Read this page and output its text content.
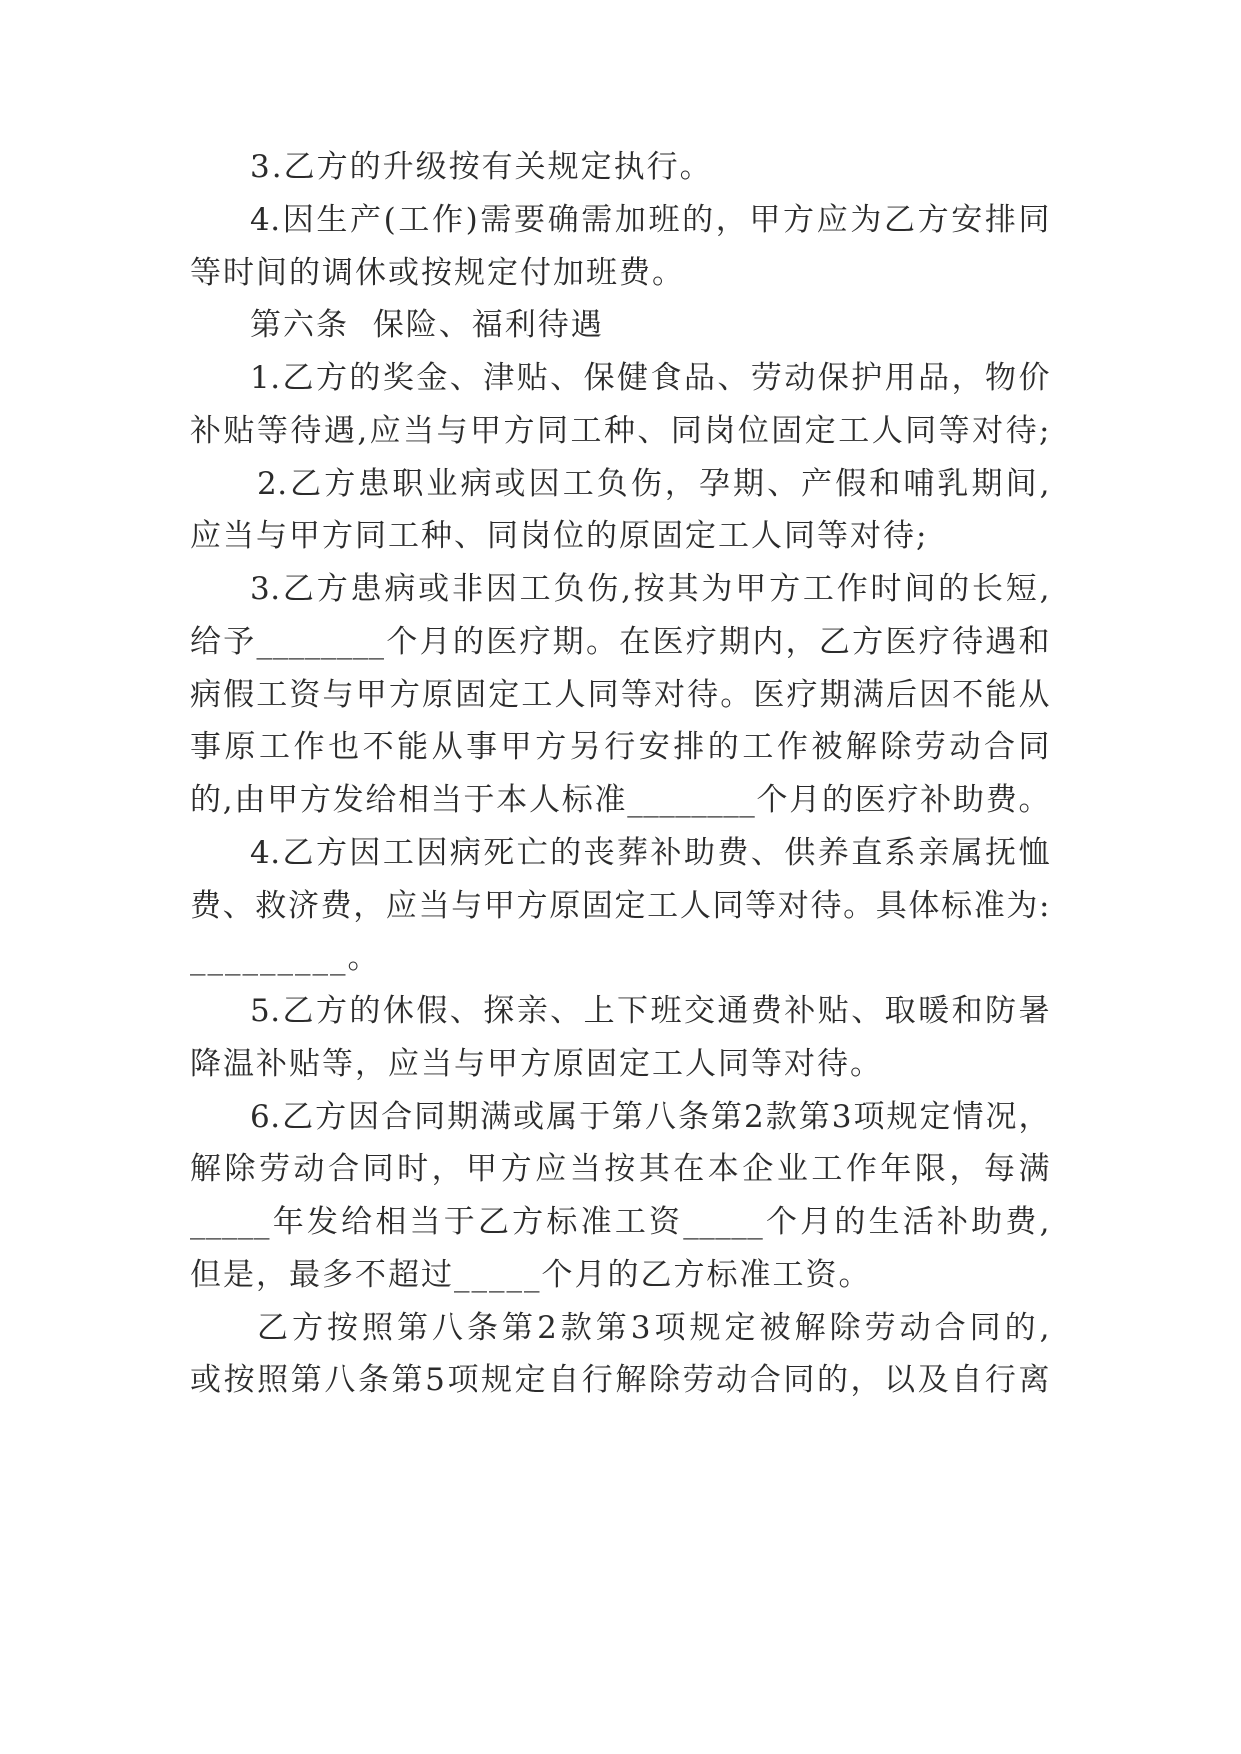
3.乙方的升级按有关规定执行。

4.因生产(工作)需要确需加班的，甲方应为乙方安排同

等时间的调休或按规定付加班费。

第六条  保险、福利待遇

1.乙方的奖金、津贴、保健食品、劳动保护用品，物价

补贴等待遇,应当与甲方同工种、同岗位固定工人同等对待;

2.乙方患职业病或因工负伤，孕期、产假和哺乳期间,

应当与甲方同工种、同岗位的原固定工人同等对待;

3.乙方患病或非因工负伤,按其为甲方工作时间的长短,

给予________个月的医疗期。在医疗期内，乙方医疗待遇和

病假工资与甲方原固定工人同等对待。医疗期满后因不能从

事原工作也不能从事甲方另行安排的工作被解除劳动合同

的,由甲方发给相当于本人标准________个月的医疗补助费。

4.乙方因工因病死亡的丧葬补助费、供养直系亲属抚恤

费、救济费，应当与甲方原固定工人同等对待。具体标准为:

_________。

5.乙方的休假、探亲、上下班交通费补贴、取暖和防暑

降温补贴等，应当与甲方原固定工人同等对待。

6.乙方因合同期满或属于第八条第2款第3项规定情况，

解除劳动合同时，甲方应当按其在本企业工作年限，每满

_____年发给相当于乙方标准工资_____个月的生活补助费,

但是，最多不超过_____个月的乙方标准工资。

乙方按照第八条第2款第3项规定被解除劳动合同的,

或按照第八条第5项规定自行解除劳动合同的，以及自行离
